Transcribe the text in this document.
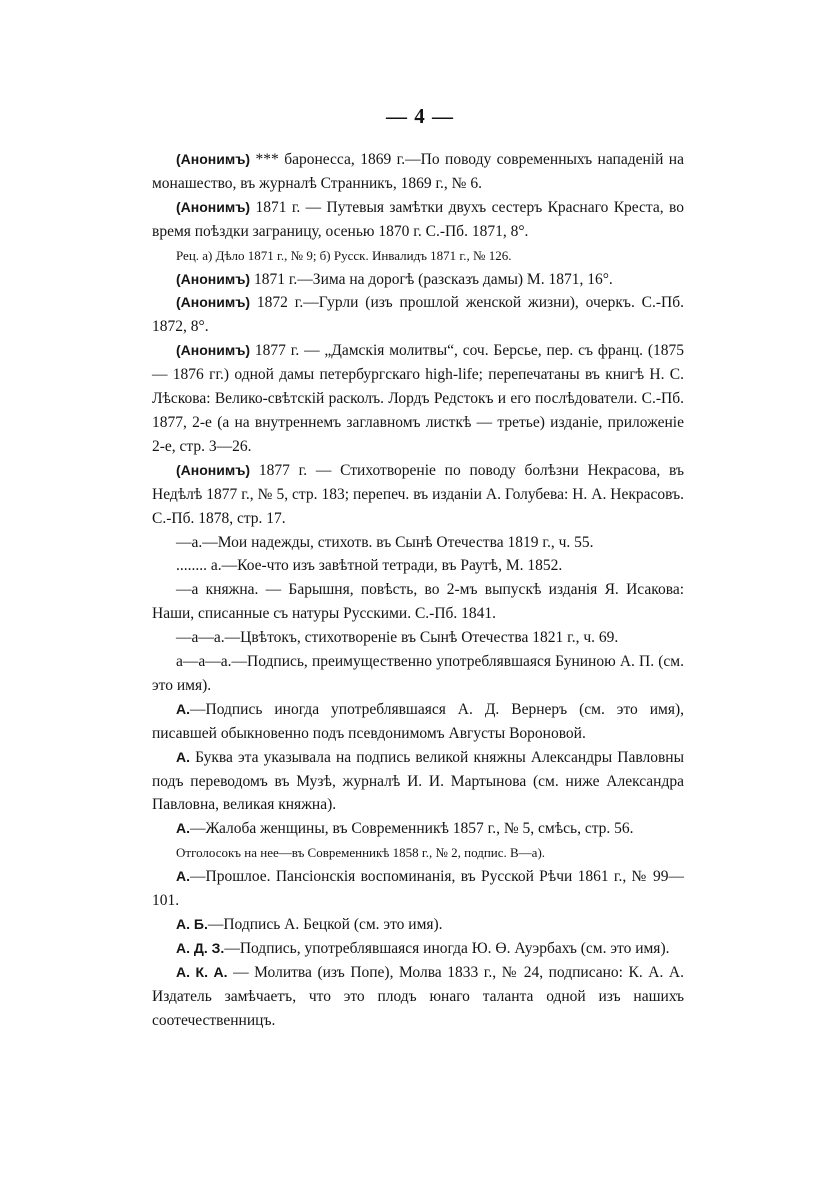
— 4 —

(Анонимъ) *** баронесса, 1869 г.—По поводу современныхъ нападеній на монашество, въ журналѣ Странникъ, 1869 г., № 6.

(Анонимъ) 1871 г. — Путевыя замѣтки двухъ сестеръ Краснаго Креста, во время поѣздки заграницу, осенью 1870 г. С.-Пб. 1871, 8°.

Рец. а) Дѣло 1871 г., № 9; б) Русск. Инвалидъ 1871 г., № 126.

(Анонимъ) 1871 г.—Зима на дорогѣ (разсказъ дамы) М. 1871, 16°.

(Анонимъ) 1872 г.—Гурли (изъ прошлой женской жизни), очеркъ. С.-Пб. 1872, 8°.

(Анонимъ) 1877 г. — „Дамскія молитвы“, соч. Берсье, пер. съ франц. (1875 — 1876 гг.) одной дамы петербургскаго high-life; перепечатаны въ книгѣ Н. С. Лѣскова: Велико-свѣтскій расколъ. Лордъ Редстокъ и его послѣдователи. С.-Пб. 1877, 2-е (а на внутреннемъ заглавномъ листкѣ — третье) изданіе, приложеніе 2-е, стр. 3—26.

(Анонимъ) 1877 г. — Стихотвореніе по поводу болѣзни Некрасова, въ Недѣлѣ 1877 г., № 5, стр. 183; перепеч. въ изданіи А. Голубева: Н. А. Некрасовъ. С.-Пб. 1878, стр. 17.

—а.—Мои надежды, стихотв. въ Сынѣ Отечества 1819 г., ч. 55.

........ а.—Кое-что изъ завѣтной тетради, въ Раутѣ, М. 1852.

—а княжна. — Барышня, повѣсть, во 2-мъ выпускѣ изданія Я. Исакова: Наши, списанные съ натуры Русскими. С.-Пб. 1841.

—а—а.—Цвѣтокъ, стихотвореніе въ Сынѣ Отечества 1821 г., ч. 69.

а—а—а.—Подпись, преимущественно употреблявшаяся Буниною А. П. (см. это имя).

А.—Подпись иногда употреблявшаяся А. Д. Вернеръ (см. это имя), писавшей обыкновенно подъ псевдонимомъ Августы Вороновой.

А. Буква эта указывала на подпись великой княжны Александры Павловны подъ переводомъ въ Музѣ, журналѣ И. И. Мартынова (см. ниже Александра Павловна, великая княжна).

А.—Жалоба женщины, въ Современникѣ 1857 г., № 5, смѣсь, стр. 56.

Отголосокъ на нее—въ Современникѣ 1858 г., № 2, подпис. В—а).

А.—Прошлое. Пансіонскія воспоминанія, въ Русской Рѣчи 1861 г., № 99—101.

А. Б.—Подпись А. Бецкой (см. это имя).

А. Д. З.—Подпись, употреблявшаяся иногда Ю. Ө. Ауэрбахъ (см. это имя).

А. К. А. — Молитва (изъ Попе), Молва 1833 г., № 24, подписано: К. А. А. Издатель замѣчаетъ, что это плодъ юнаго таланта одной изъ нашихъ соотечественницъ.
